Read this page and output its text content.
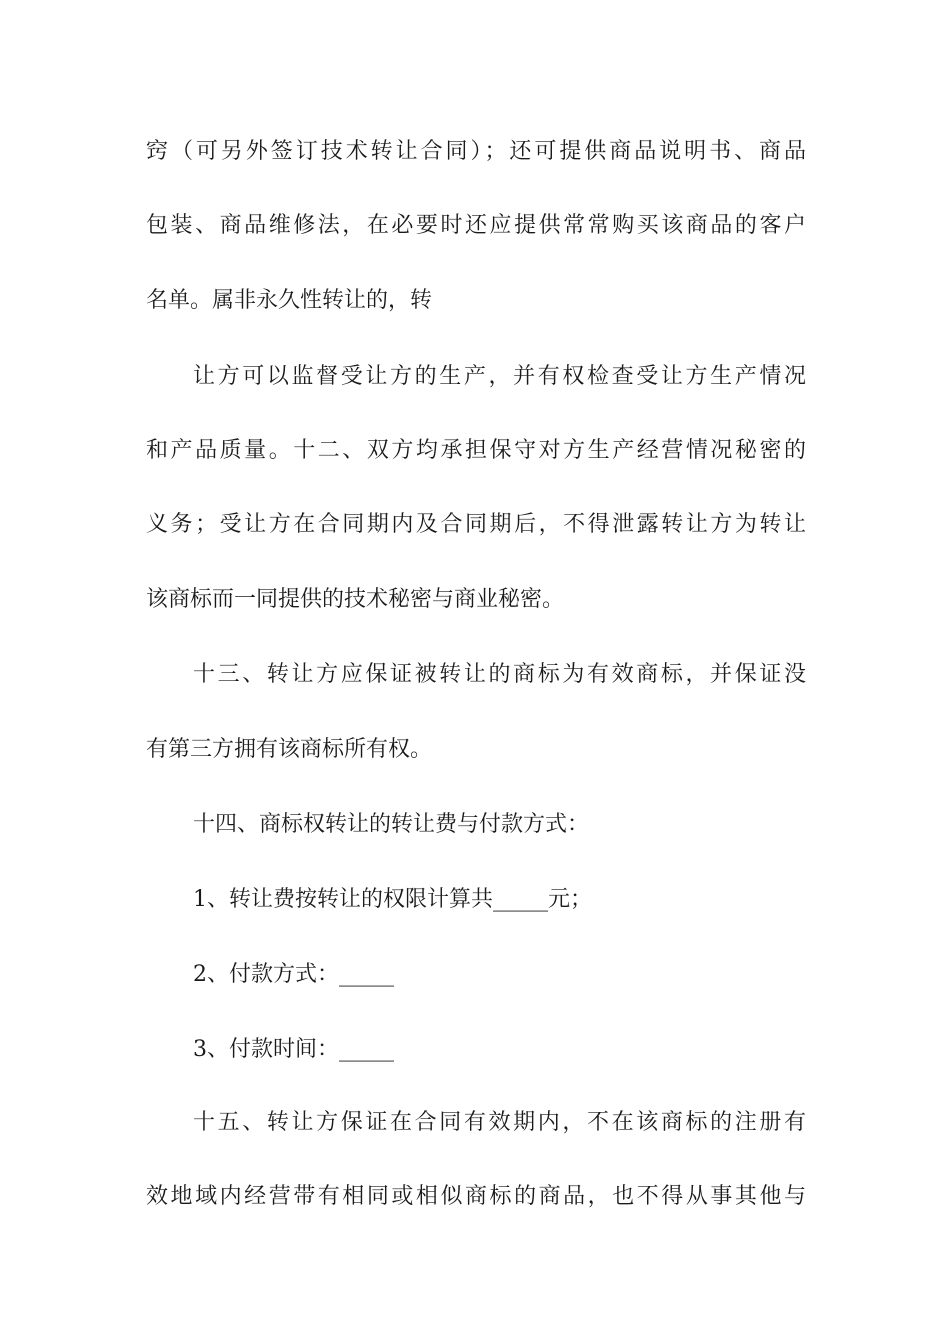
窍（可另外签订技术转让合同）；还可提供商品说明书、商品
包装、商品维修法，在必要时还应提供常常购买该商品的客户
名单。属非永久性转让的，转
让方可以监督受让方的生产，并有权检查受让方生产情况
和产品质量。十二、双方均承担保守对方生产经营情况秘密的
义务；受让方在合同期内及合同期后，不得泄露转让方为转让
该商标而一同提供的技术秘密与商业秘密。
十三、转让方应保证被转让的商标为有效商标，并保证没
有第三方拥有该商标所有权。
十四、商标权转让的转让费与付款方式：
1、转让费按转让的权限计算共_____元；
2、付款方式：_____
3、付款时间：_____
十五、转让方保证在合同有效期内，不在该商标的注册有
效地域内经营带有相同或相似商标的商品，也不得从事其他与
